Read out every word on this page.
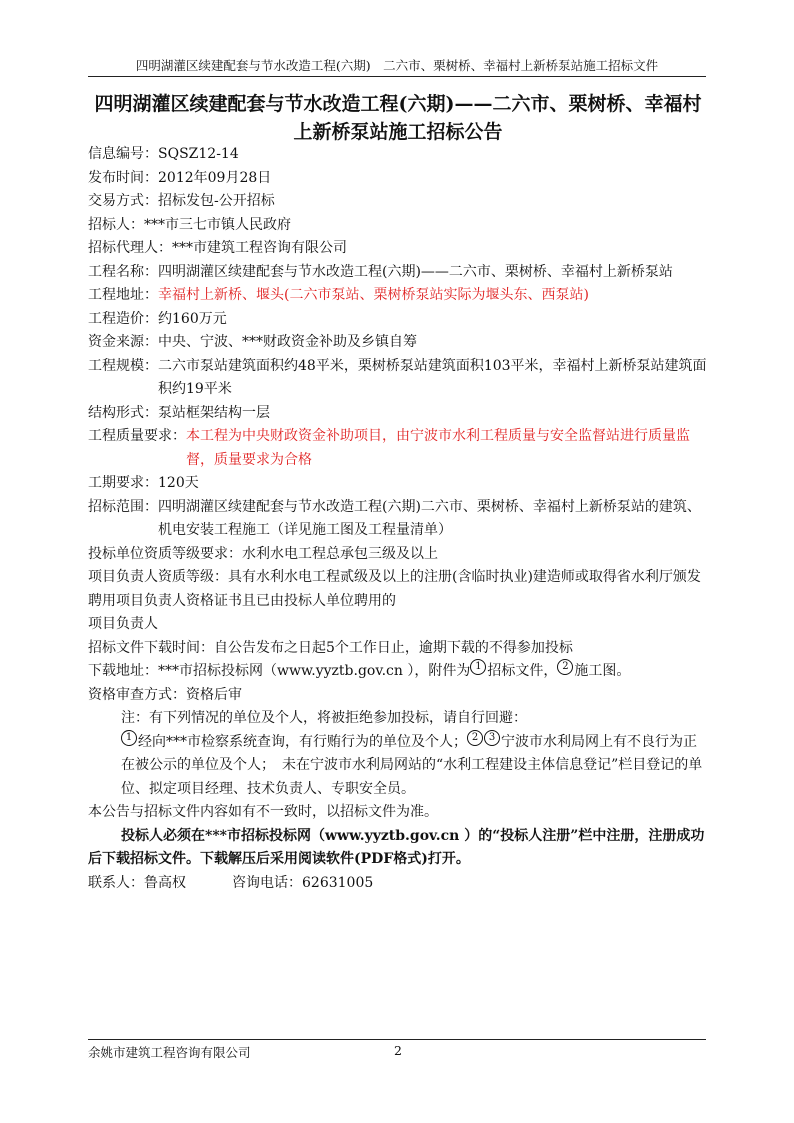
四明湖灌区续建配套与节水改造工程(六期)　二六市、栗树桥、幸福村上新桥泵站施工招标文件
四明湖灌区续建配套与节水改造工程(六期)——二六市、栗树桥、幸福村上新桥泵站施工招标公告
信息编号： SQSZ12-14
发布时间： 2012年09月28日
交易方式： 招标发包-公开招标
招标人： ***市三七市镇人民政府
招标代理人： ***市建筑工程咨询有限公司
工程名称： 四明湖灌区续建配套与节水改造工程(六期)——二六市、栗树桥、幸福村上新桥泵站
工程地址： 幸福村上新桥、堰头(二六市泵站、栗树桥泵站实际为堰头东、西泵站)
工程造价： 约160万元
资金来源： 中央、宁波、***财政资金补助及乡镇自筹
工程规模： 二六市泵站建筑面积约48平米，栗树桥泵站建筑面积103平米，幸福村上新桥泵站建筑面积约19平米
结构形式： 泵站框架结构一层
工程质量要求： 本工程为中央财政资金补助项目，由宁波市水利工程质量与安全监督站进行质量监督，质量要求为合格
工期要求： 120天
招标范围： 四明湖灌区续建配套与节水改造工程(六期)二六市、栗树桥、幸福村上新桥泵站的建筑、机电安装工程施工（详见施工图及工程量清单）
投标单位资质等级要求： 水利水电工程总承包三级及以上
项目负责人资质等级：具有水利水电工程贰级及以上的注册(含临时执业)建造师或取得省水利厅颁发聘用项目负责人资格证书且已由投标人单位聘用的
项目负责人
招标文件下载时间： 自公告发布之日起5个工作日止，逾期下载的不得参加投标
下载地址：***市招标投标网（www.yyztb.gov.cn ），附件为 1 招标文件， 2 施工图。
资格审查方式： 资格后审
注：有下列情况的单位及个人，将被拒绝参加投标，请自行回避：
1 经向***市检察系统查询，有行贿行为的单位及个人； 2 3 宁波市水利局网上有不良行为正在被公示的单位及个人；　未在宁波市水利局网站的“水利工程建设主体信息登记”栏目登记的单位、拟定项目经理、技术负责人、专职安全员。
本公告与招标文件内容如有不一致时，以招标文件为准。
投标人必须在***市招标投标网（www.yyztb.gov.cn ）的“投标人注册”栏中注册，注册成功后下载招标文件。下载解压后采用阅读软件(PDF格式)打开。
联系人： 鲁高权	咨询电话： 62631005
余姚市建筑工程咨询有限公司	2
